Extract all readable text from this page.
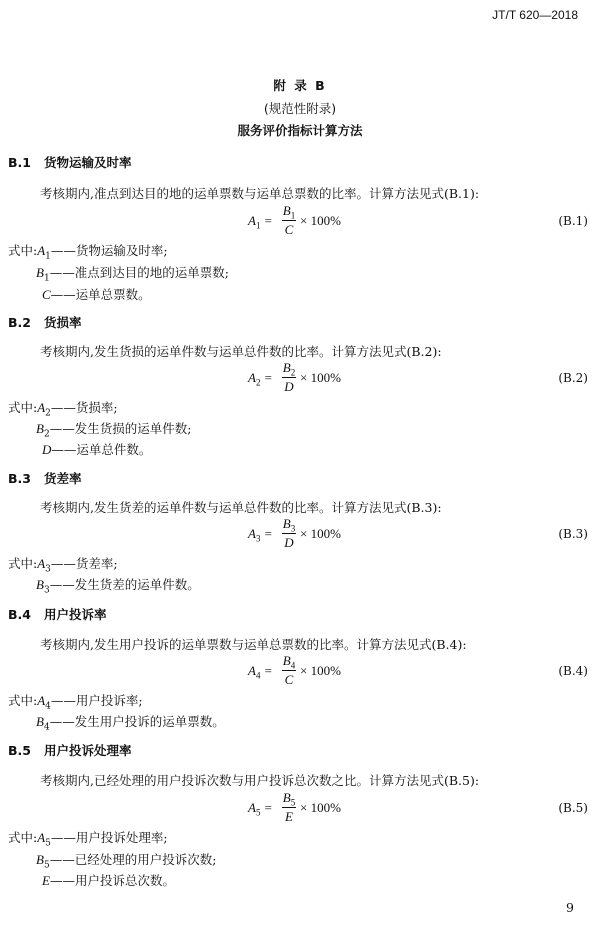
JT/T 620—2018
附 录 B
(规范性附录)
服务评价指标计算方法
B.1 货物运输及时率
考核期内,准点到达目的地的运单票数与运单总票数的比率。计算方法见式(B.1):
$A_1$ =
$B_1$
C
× 100%	(B.1)
式中$:A_1——$货物运输及时率;
$B_1——$准点到达目的地的运单票数;
C——运单总票数。
B.2 货损率
考核期内,发生货损的运单件数与运单总件数的比率。计算方法见式(B.2):
$A_2$ =
$B_2$
D
× 100%	(B.2)
式中$:A_2——$货损率;
$B_2——$发生货损的运单件数;
D——运单总件数。
B.3 货差率
考核期内,发生货差的运单件数与运单总件数的比率。计算方法见式(B.3):
$A_3$ =
$B_3$
D
× 100%	(B.3)
式中$:A_3——$货差率;
$B_3——$发生货差的运单件数。
B.4 用户投诉率
考核期内,发生用户投诉的运单票数与运单总票数的比率。计算方法见式(B.4):
$A_4$ =
$B_4$
C
× 100%	(B.4)
式中$:A_4——$用户投诉率;
$B_4——$发生用户投诉的运单票数。
B.5 用户投诉处理率
考核期内,已经处理的用户投诉次数与用户投诉总次数之比。计算方法见式(B.5):
$A_5$ =
$B_5$
E
× 100%	(B.5)
式中$:A_5——$用户投诉处理率;
$B_5——$已经处理的用户投诉次数;
E——用户投诉总次数。
9
